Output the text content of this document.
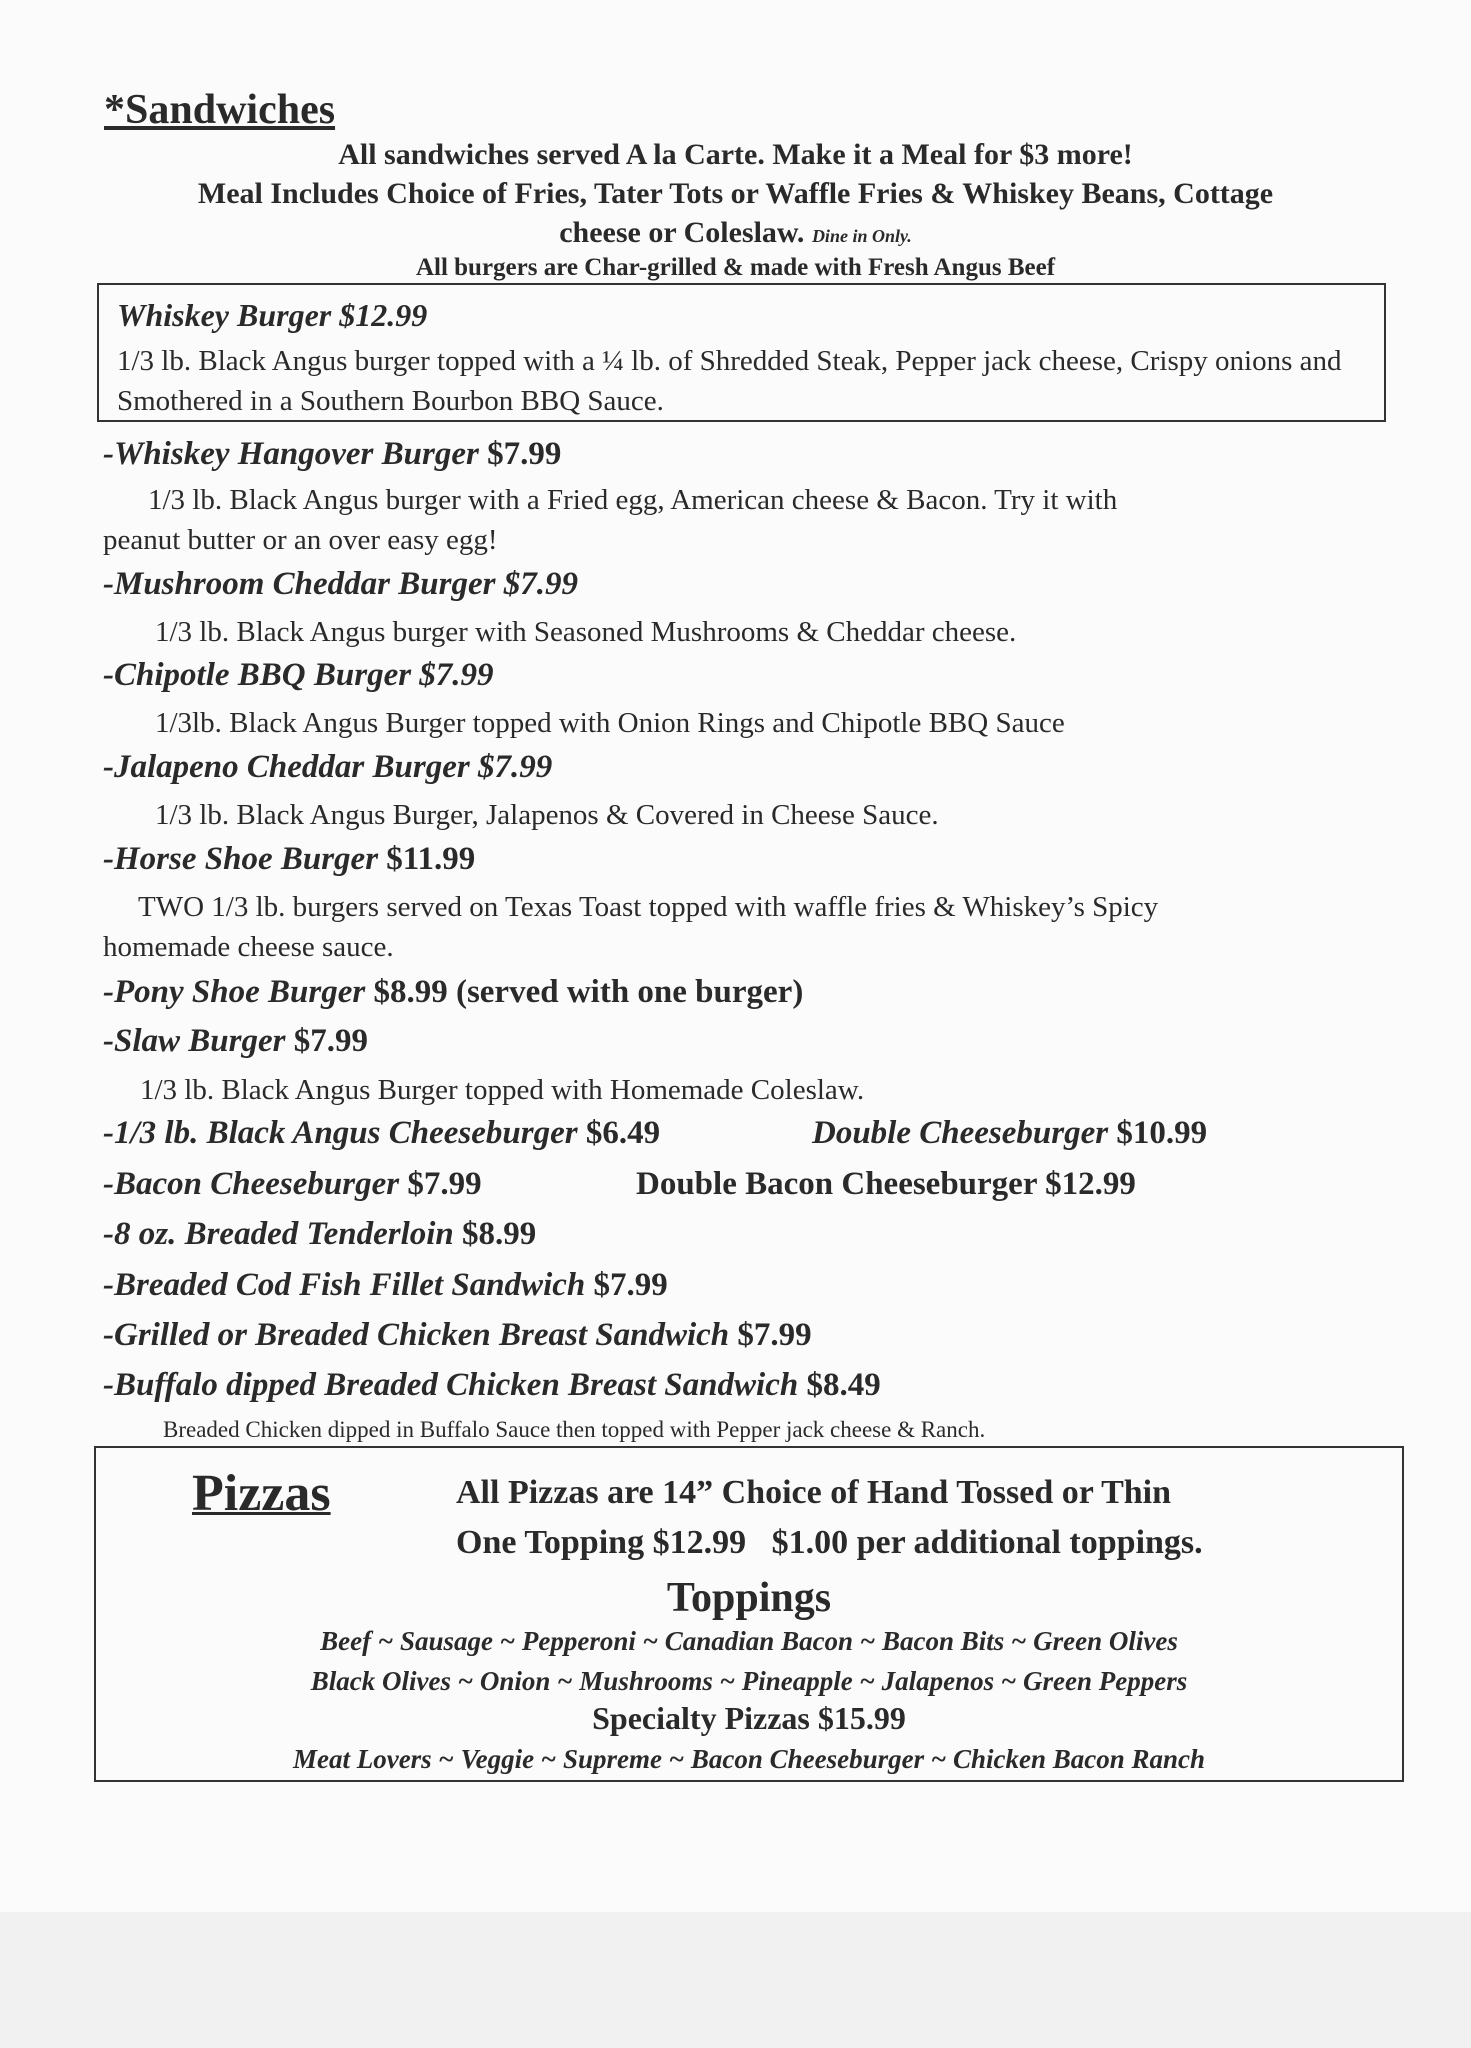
*Sandwiches
All sandwiches served A la Carte. Make it a Meal for $3 more!
Meal Includes Choice of Fries, Tater Tots or Waffle Fries & Whiskey Beans, Cottage
cheese or Coleslaw. Dine in Only.
All burgers are Char-grilled & made with Fresh Angus Beef
Whiskey Burger $12.99
1/3 lb. Black Angus burger topped with a ¼ lb. of Shredded Steak, Pepper jack cheese, Crispy onions and Smothered in a Southern Bourbon BBQ Sauce.
-Whiskey Hangover Burger $7.99
1/3 lb. Black Angus burger with a Fried egg, American cheese & Bacon. Try it with
peanut butter or an over easy egg!
-Mushroom Cheddar Burger $7.99
1/3 lb. Black Angus burger with Seasoned Mushrooms & Cheddar cheese.
-Chipotle BBQ Burger $7.99
1/3lb. Black Angus Burger topped with Onion Rings and Chipotle BBQ Sauce
-Jalapeno Cheddar Burger $7.99
1/3 lb. Black Angus Burger, Jalapenos & Covered in Cheese Sauce.
-Horse Shoe Burger $11.99
TWO 1/3 lb. burgers served on Texas Toast topped with waffle fries & Whiskey’s Spicy
homemade cheese sauce.
-Pony Shoe Burger $8.99 (served with one burger)
-Slaw Burger $7.99
1/3 lb. Black Angus Burger topped with Homemade Coleslaw.
-1/3 lb. Black Angus Cheeseburger $6.49	Double Cheeseburger $10.99
-Bacon Cheeseburger $7.99	Double Bacon Cheeseburger $12.99
-8 oz. Breaded Tenderloin $8.99
-Breaded Cod Fish Fillet Sandwich $7.99
-Grilled or Breaded Chicken Breast Sandwich $7.99
-Buffalo dipped Breaded Chicken Breast Sandwich $8.49
Breaded Chicken dipped in Buffalo Sauce then topped with Pepper jack cheese & Ranch.
Pizzas	All Pizzas are 14” Choice of Hand Tossed or Thin
One Topping $12.99   $1.00 per additional toppings.
Toppings
Beef ~ Sausage ~ Pepperoni ~ Canadian Bacon ~ Bacon Bits ~ Green Olives
Black Olives ~ Onion ~ Mushrooms ~ Pineapple ~ Jalapenos ~ Green Peppers
Specialty Pizzas $15.99
Meat Lovers ~ Veggie ~ Supreme ~ Bacon Cheeseburger ~ Chicken Bacon Ranch
